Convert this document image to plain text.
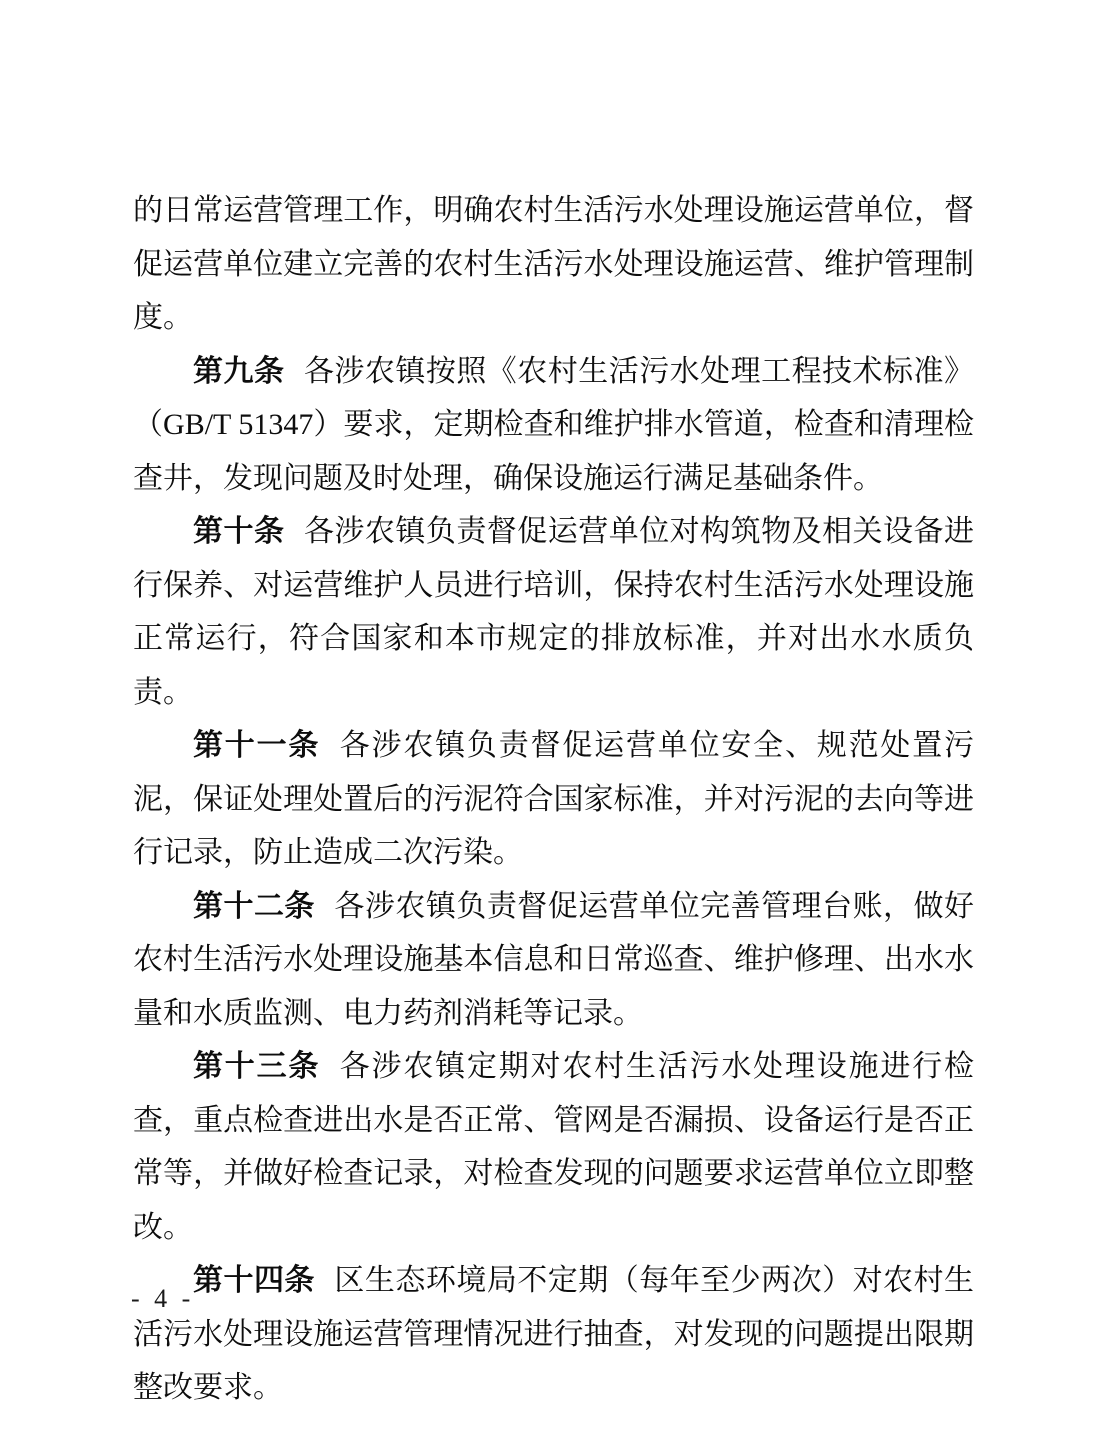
的日常运营管理工作，明确农村生活污水处理设施运营单位，督促运营单位建立完善的农村生活污水处理设施运营、维护管理制度。

第九条 各涉农镇按照《农村生活污水处理工程技术标准》（GB/T 51347）要求，定期检查和维护排水管道，检查和清理检查井，发现问题及时处理，确保设施运行满足基础条件。

第十条 各涉农镇负责督促运营单位对构筑物及相关设备进行保养、对运营维护人员进行培训，保持农村生活污水处理设施正常运行，符合国家和本市规定的排放标准，并对出水水质负责。

第十一条 各涉农镇负责督促运营单位安全、规范处置污泥，保证处理处置后的污泥符合国家标准，并对污泥的去向等进行记录，防止造成二次污染。

第十二条 各涉农镇负责督促运营单位完善管理台账，做好农村生活污水处理设施基本信息和日常巡查、维护修理、出水水量和水质监测、电力药剂消耗等记录。

第十三条 各涉农镇定期对农村生活污水处理设施进行检查，重点检查进出水是否正常、管网是否漏损、设备运行是否正常等，并做好检查记录，对检查发现的问题要求运营单位立即整改。

第十四条 区生态环境局不定期（每年至少两次）对农村生活污水处理设施运营管理情况进行抽查，对发现的问题提出限期整改要求。

- 4 -
